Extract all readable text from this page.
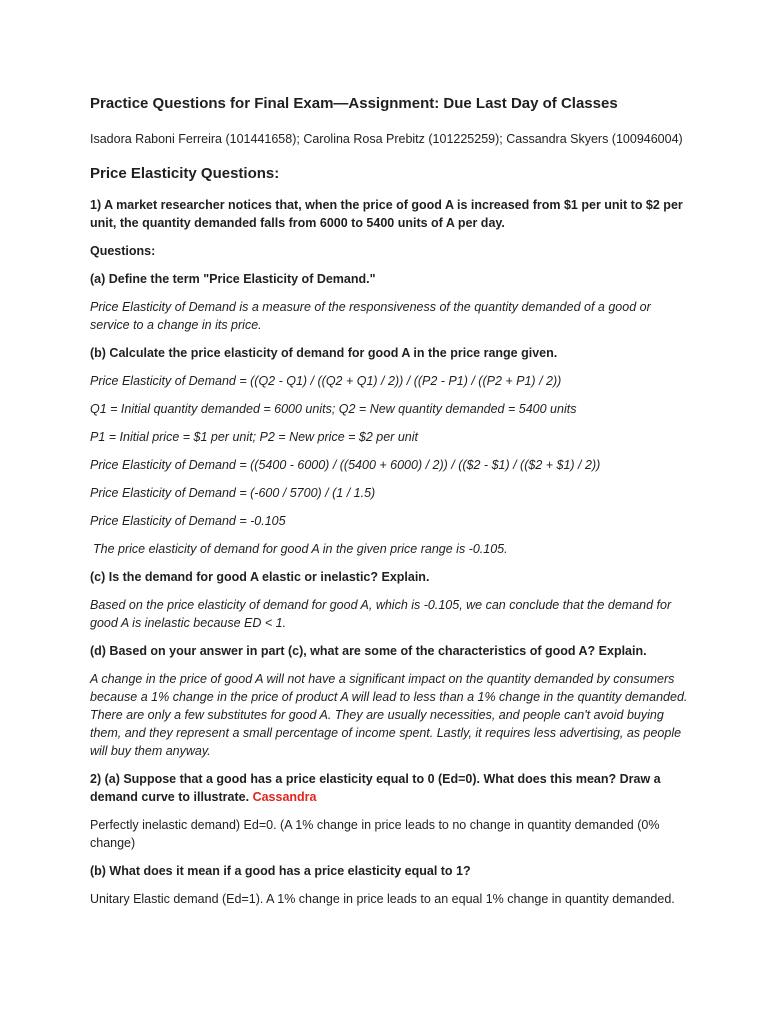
Practice Questions for Final Exam—Assignment: Due Last Day of Classes

Isadora Raboni Ferreira (101441658); Carolina Rosa Prebitz (101225259); Cassandra Skyers (100946004)

Price Elasticity Questions:

1) A market researcher notices that, when the price of good A is increased from $1 per unit to $2 per unit, the quantity demanded falls from 6000 to 5400 units of A per day.

Questions:

(a) Define the term "Price Elasticity of Demand."

Price Elasticity of Demand is a measure of the responsiveness of the quantity demanded of a good or service to a change in its price.

(b) Calculate the price elasticity of demand for good A in the price range given.

Price Elasticity of Demand = ((Q2 - Q1) / ((Q2 + Q1) / 2)) / ((P2 - P1) / ((P2 + P1) / 2))

Q1 = Initial quantity demanded = 6000 units; Q2 = New quantity demanded = 5400 units

P1 = Initial price = $1 per unit; P2 = New price = $2 per unit

Price Elasticity of Demand = ((5400 - 6000) / ((5400 + 6000) / 2)) / (($2 - $1) / (($2 + $1) / 2))

Price Elasticity of Demand = (-600 / 5700) / (1 / 1.5)

Price Elasticity of Demand = -0.105

The price elasticity of demand for good A in the given price range is -0.105.

(c) Is the demand for good A elastic or inelastic? Explain.

Based on the price elasticity of demand for good A, which is -0.105, we can conclude that the demand for good A is inelastic because ED < 1.

(d) Based on your answer in part (c), what are some of the characteristics of good A? Explain.

A change in the price of good A will not have a significant impact on the quantity demanded by consumers because a 1% change in the price of product A will lead to less than a 1% change in the quantity demanded. There are only a few substitutes for good A. They are usually necessities, and people can't avoid buying them, and they represent a small percentage of income spent. Lastly, it requires less advertising, as people will buy them anyway.

2) (a) Suppose that a good has a price elasticity equal to 0 (Ed=0). What does this mean? Draw a demand curve to illustrate. Cassandra

Perfectly inelastic demand) Ed=0. (A 1% change in price leads to no change in quantity demanded (0% change)

(b) What does it mean if a good has a price elasticity equal to 1?

Unitary Elastic demand (Ed=1). A 1% change in price leads to an equal 1% change in quantity demanded.
